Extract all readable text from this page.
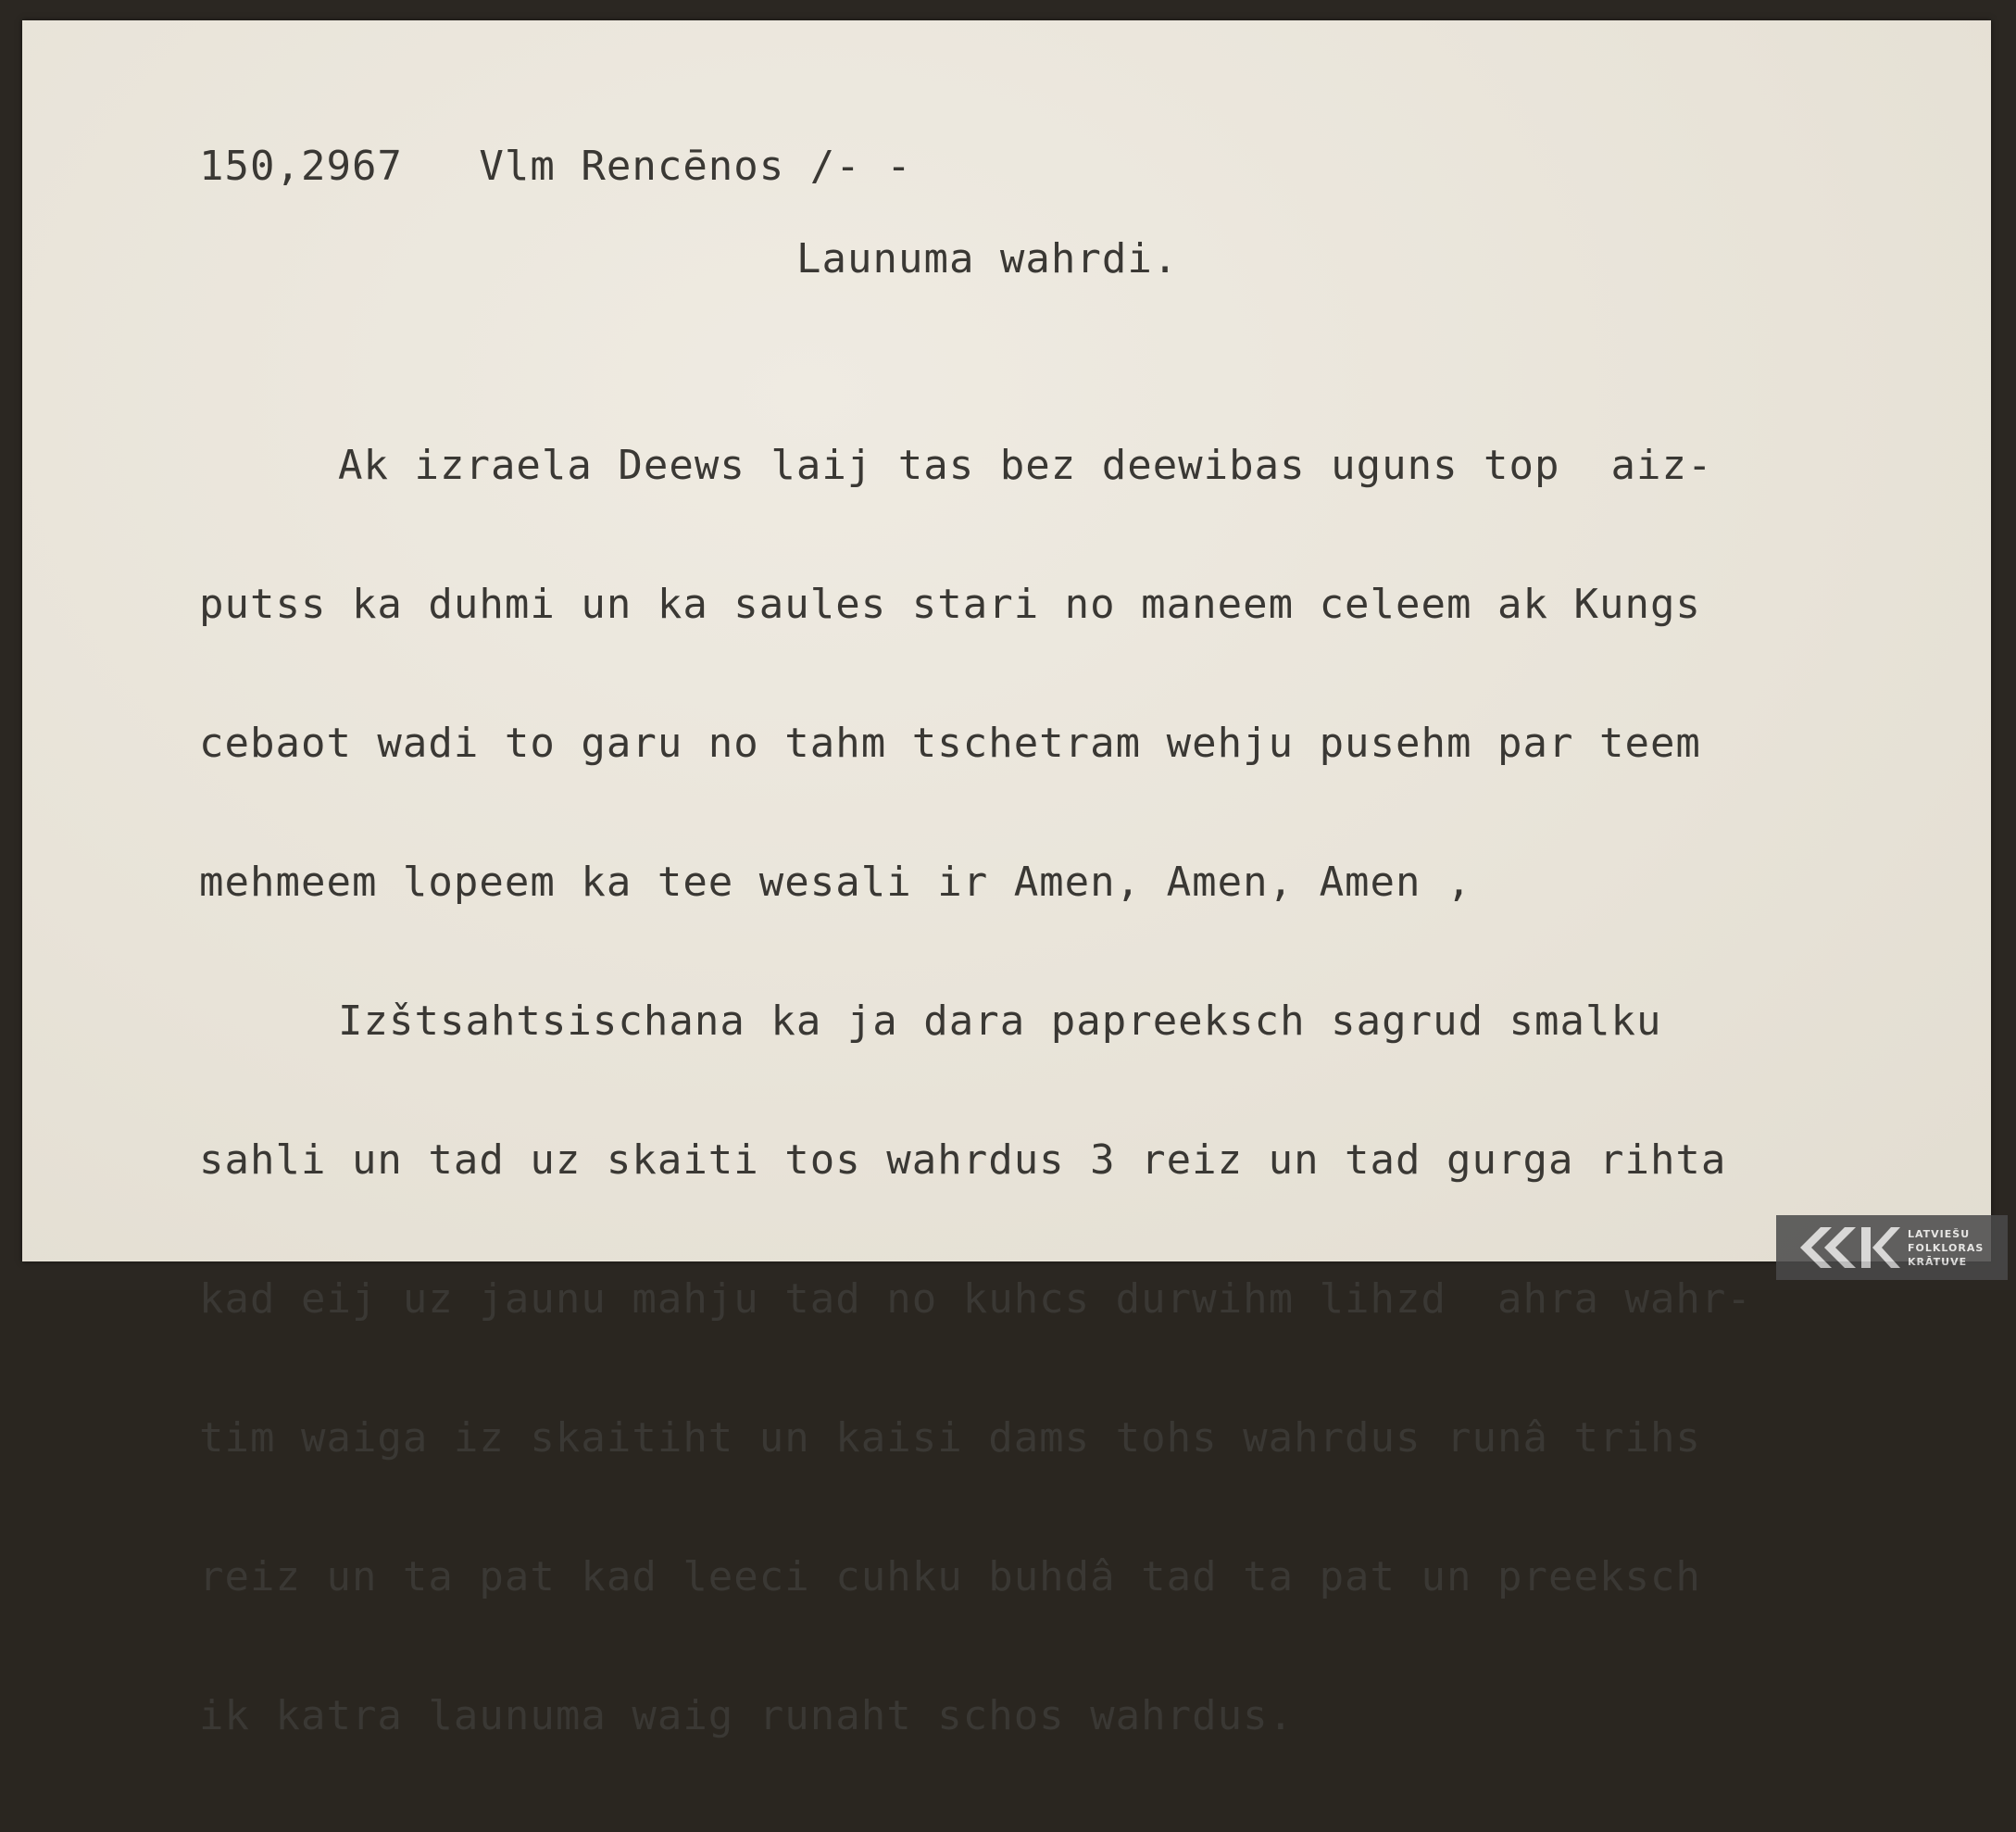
150,2967   Vlm Rencēnos /- -
Launuma wahrdi.

Ak izraela Deews laij tas bez deewibas uguns top  aiz-

putss ka duhmi un ka saules stari no maneem celeem ak Kungs

cebaot wadi to garu no tahm tschetram wehju pusehm par teem

mehmeem lopeem ka tee wesali ir Amen, Amen, Amen ,

Izštsahtsischana ka ja dara papreeksch sagrud smalku

sahli un tad uz skaiti tos wahrdus 3 reiz un tad gurga rihta

kad eij uz jaunu mahju tad no kuhcs durwihm lihzd  ahra wahr-

tim waiga iz skaitiht un kaisi dams tohs wahrdus runâ trihs

reiz un ta pat kad leeci cuhku buhdâ tad ta pat un preeksch

ik katra launuma waig runaht schos wahrdus.

LATVIEŠU
FOLKLORAS
KRĀTUVE
